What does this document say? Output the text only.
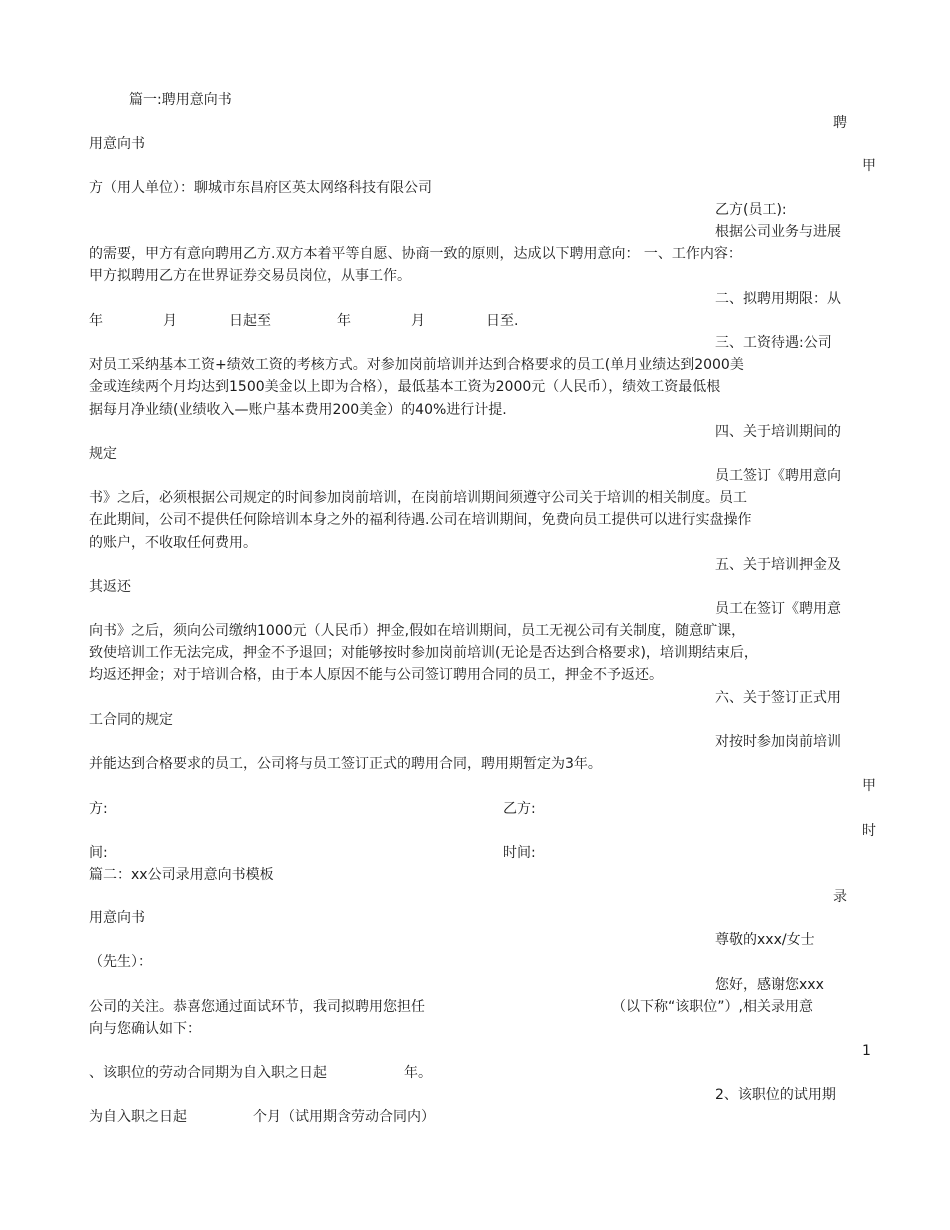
篇一:聘用意向书
聘
用意向书
甲
方（用人单位）：聊城市东昌府区英太网络科技有限公司
乙方(员工):
根据公司业务与进展
的需要，甲方有意向聘用乙方.双方本着平等自愿、协商一致的原则，达成以下聘用意向： 一、工作内容：
甲方拟聘用乙方在世界证券交易员岗位，从事工作。
二、拟聘用期限：从
年	月	日起至	年	月	日至.
三、工资待遇:公司
对员工采纳基本工资+绩效工资的考核方式。对参加岗前培训并达到合格要求的员工(单月业绩达到2000美
金或连续两个月均达到1500美金以上即为合格），最低基本工资为2000元（人民币），绩效工资最低根
据每月净业绩(业绩收入—账户基本费用200美金）的40%进行计提.
四、关于培训期间的
规定
员工签订《聘用意向
书》之后，必须根据公司规定的时间参加岗前培训，在岗前培训期间须遵守公司关于培训的相关制度。员工
在此期间，公司不提供任何除培训本身之外的福利待遇.公司在培训期间，免费向员工提供可以进行实盘操作
的账户，不收取任何费用。
五、关于培训押金及
其返还
员工在签订《聘用意
向书》之后，须向公司缴纳1000元（人民币）押金,假如在培训期间，员工无视公司有关制度，随意旷课，
致使培训工作无法完成，押金不予退回；对能够按时参加岗前培训(无论是否达到合格要求)，培训期结束后，
均返还押金；对于培训合格，由于本人原因不能与公司签订聘用合同的员工，押金不予返还。
六、关于签订正式用
工合同的规定
对按时参加岗前培训
并能达到合格要求的员工，公司将与员工签订正式的聘用合同，聘用期暂定为3年。
甲
方:	乙方:
时
间:	时间:
篇二：xx公司录用意向书模板
录
用意向书
尊敬的xxx/女士
（先生）：
您好，感谢您xxx
公司的关注。恭喜您通过面试环节，我司拟聘用您担任	（以下称“该职位”）,相关录用意
向与您确认如下：
1
、该职位的劳动合同期为自入职之日起	年。
2、该职位的试用期
为自入职之日起	个月（试用期含劳动合同内）
